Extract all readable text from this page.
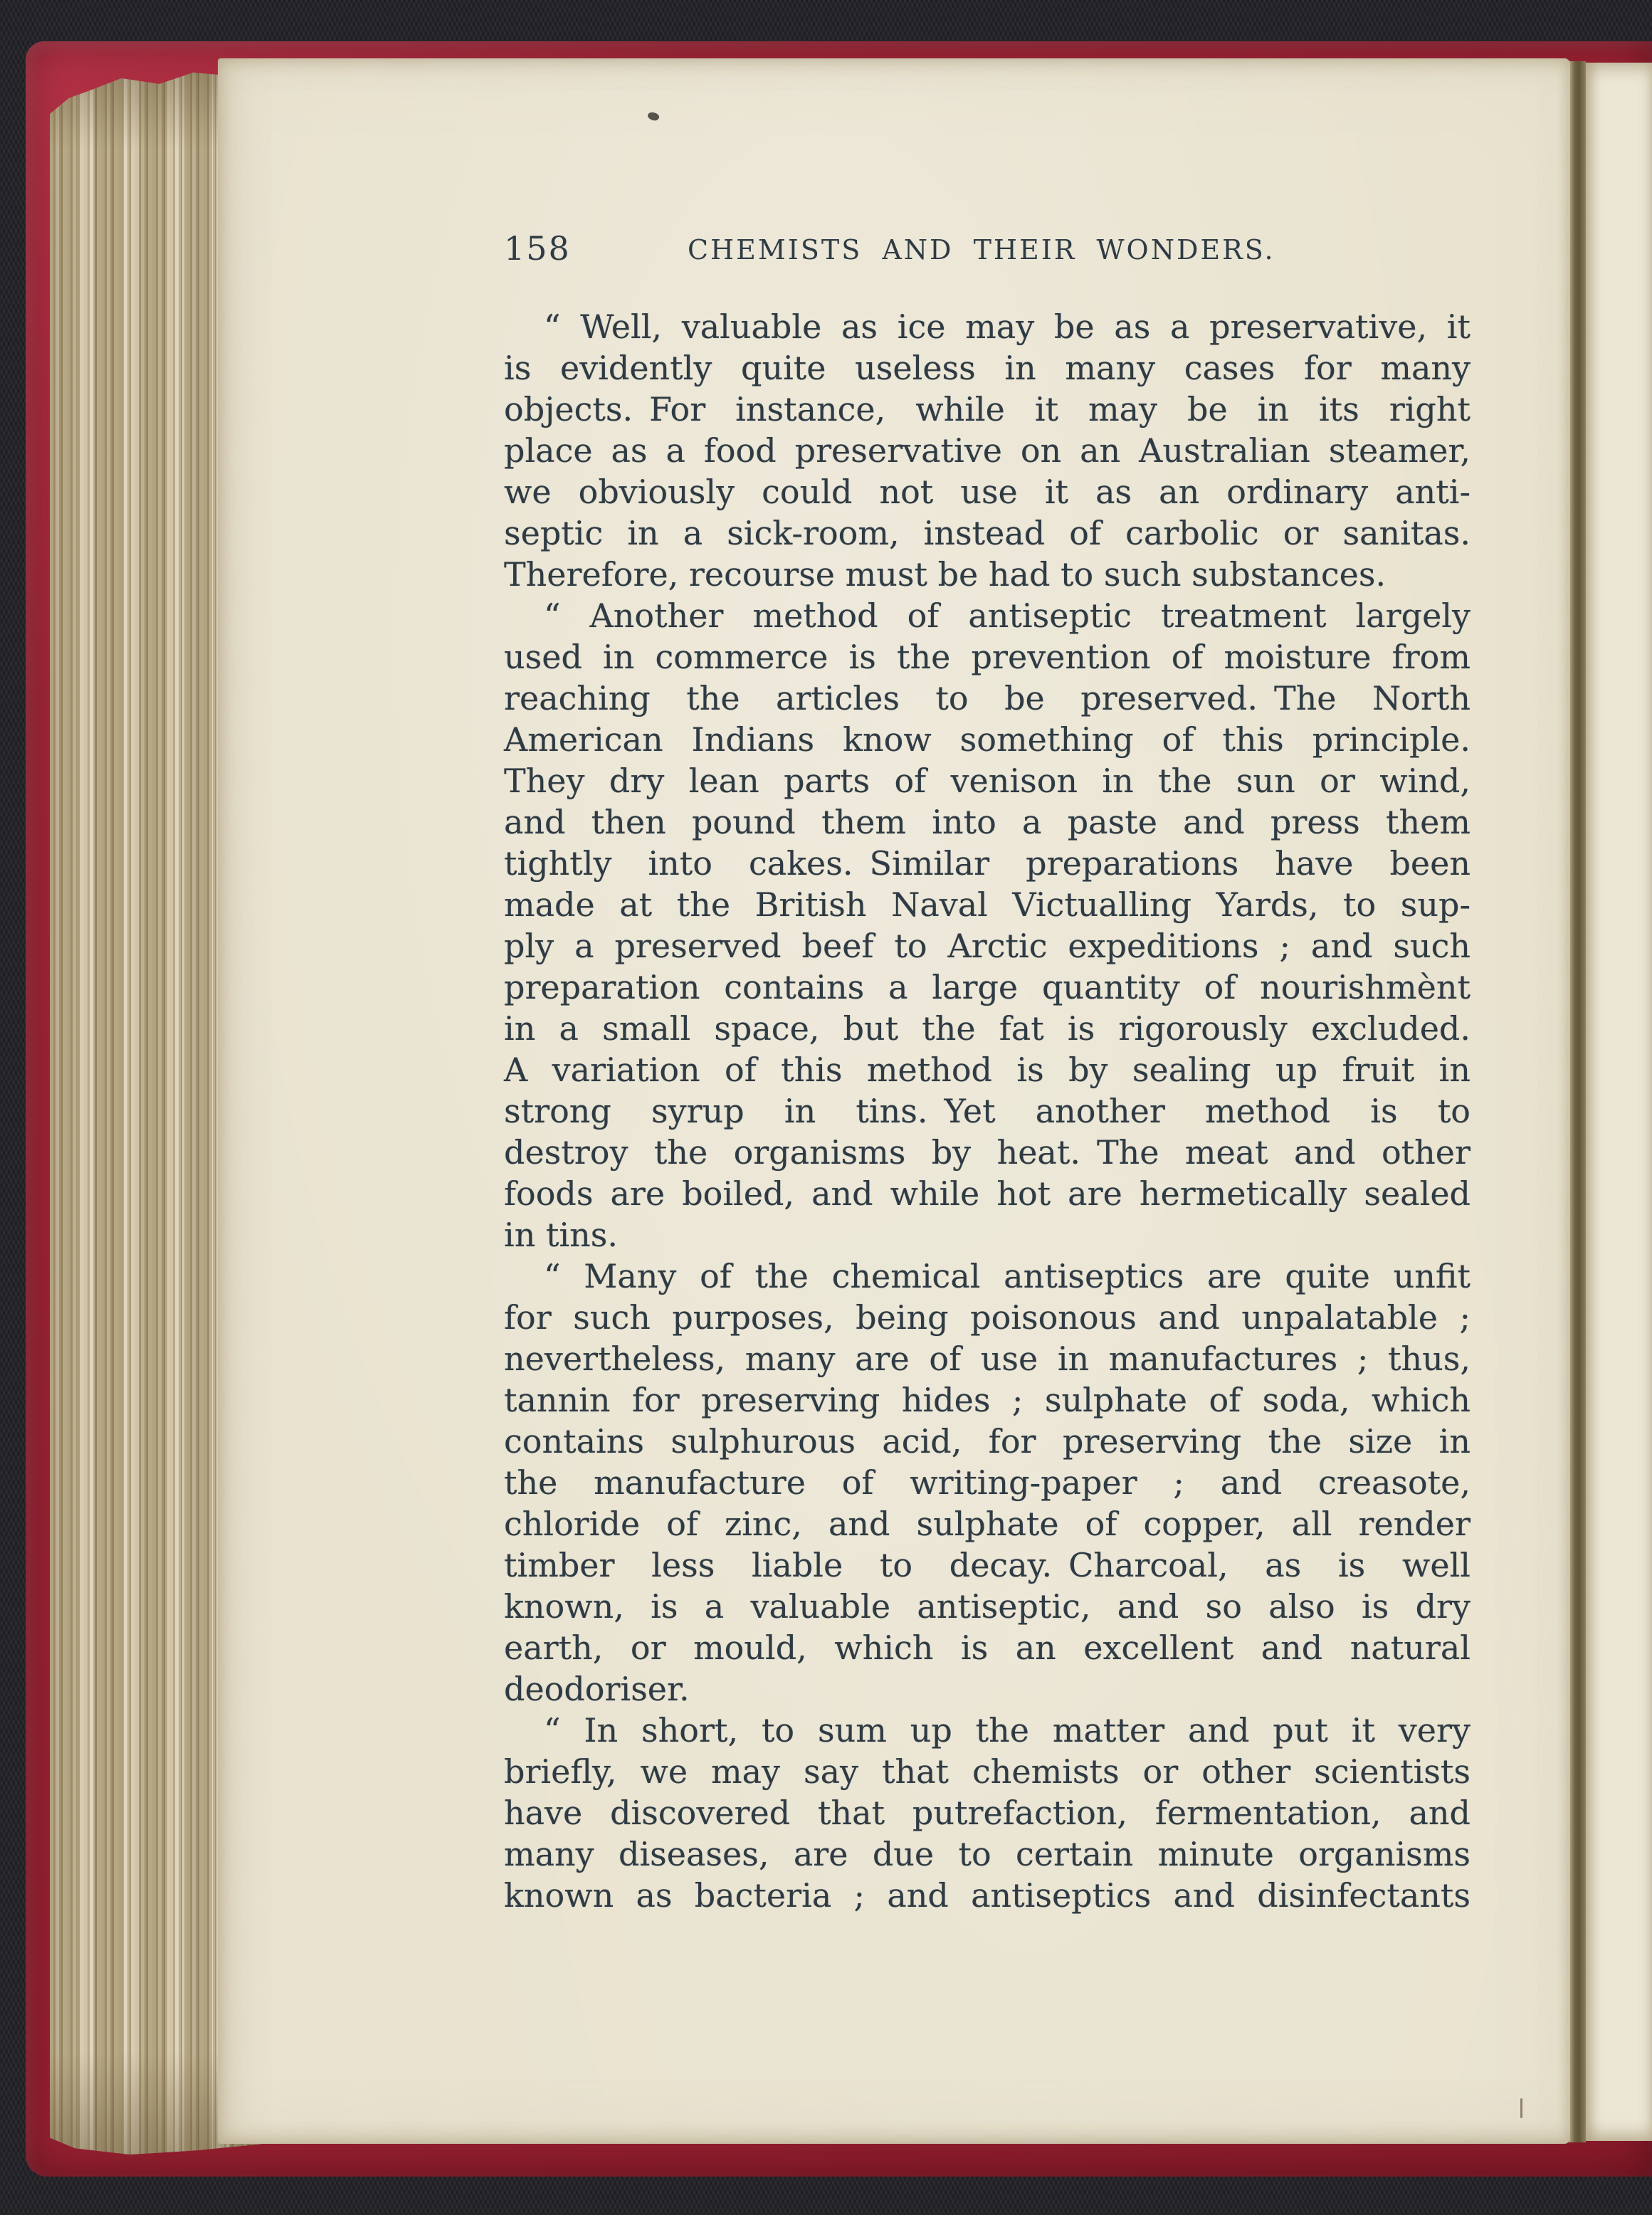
158	CHEMISTS AND THEIR WONDERS.
“ Well, valuable as ice may be as a preservative, it
is evidently quite useless in many cases for many
objects. For instance, while it may be in its right
place as a food preservative on an Australian steamer,
we obviously could not use it as an ordinary anti-
septic in a sick-room, instead of carbolic or sanitas.
Therefore, recourse must be had to such substances.
“ Another method of antiseptic treatment largely
used in commerce is the prevention of moisture from
reaching the articles to be preserved. The North
American Indians know something of this principle.
They dry lean parts of venison in the sun or wind,
and then pound them into a paste and press them
tightly into cakes. Similar preparations have been
made at the British Naval Victualling Yards, to sup-
ply a preserved beef to Arctic expeditions ; and such
preparation contains a large quantity of nourishmènt
in a small space, but the fat is rigorously excluded.
A variation of this method is by sealing up fruit in
strong syrup in tins. Yet another method is to
destroy the organisms by heat. The meat and other
foods are boiled, and while hot are hermetically sealed
in tins.
“ Many of the chemical antiseptics are quite unfit
for such purposes, being poisonous and unpalatable ;
nevertheless, many are of use in manufactures ; thus,
tannin for preserving hides ; sulphate of soda, which
contains sulphurous acid, for preserving the size in
the manufacture of writing-paper ; and creasote,
chloride of zinc, and sulphate of copper, all render
timber less liable to decay. Charcoal, as is well
known, is a valuable antiseptic, and so also is dry
earth, or mould, which is an excellent and natural
deodoriser.
“ In short, to sum up the matter and put it very
briefly, we may say that chemists or other scientists
have discovered that putrefaction, fermentation, and
many diseases, are due to certain minute organisms
known as bacteria ; and antiseptics and disinfectants
